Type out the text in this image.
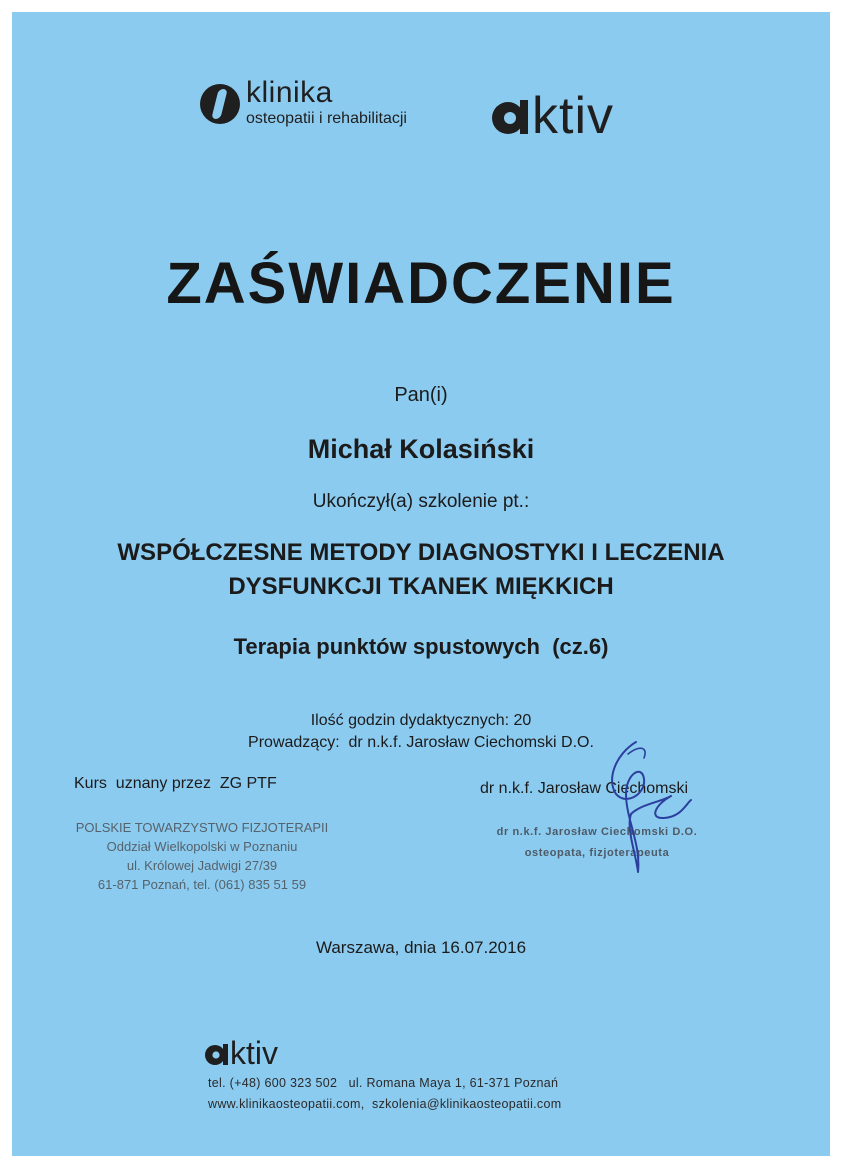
klinika
osteopatii i rehabilitacji ktiv
ZAŚWIADCZENIE
Pan(i)
Michał Kolasiński
Ukończył(a) szkolenie pt.:
WSPÓŁCZESNE METODY DIAGNOSTYKI I LECZENIA
DYSFUNKCJI TKANEK MIĘKKICH
Terapia punktów spustowych  (cz.6)
Ilość godzin dydaktycznych: 20
Prowadzący:  dr n.k.f. Jarosław Ciechomski D.O.
Kurs  uznany przez  ZG PTF	dr n.k.f. Jarosław Ciechomski
POLSKIE TOWARZYSTWO FIZJOTERAPII
Oddział Wielkopolski w Poznaniu
ul. Królowej Jadwigi 27/39
61-871 Poznań, tel. (061) 835 51 59
dr n.k.f. Jarosław Ciechomski D.O.
osteopata, fizjoterapeuta
Warszawa, dnia 16.07.2016
ktiv
tel. (+48) 600 323 502   ul. Romana Maya 1, 61-371 Poznań
www.klinikaosteopatii.com,  szkolenia@klinikaosteopatii.com
